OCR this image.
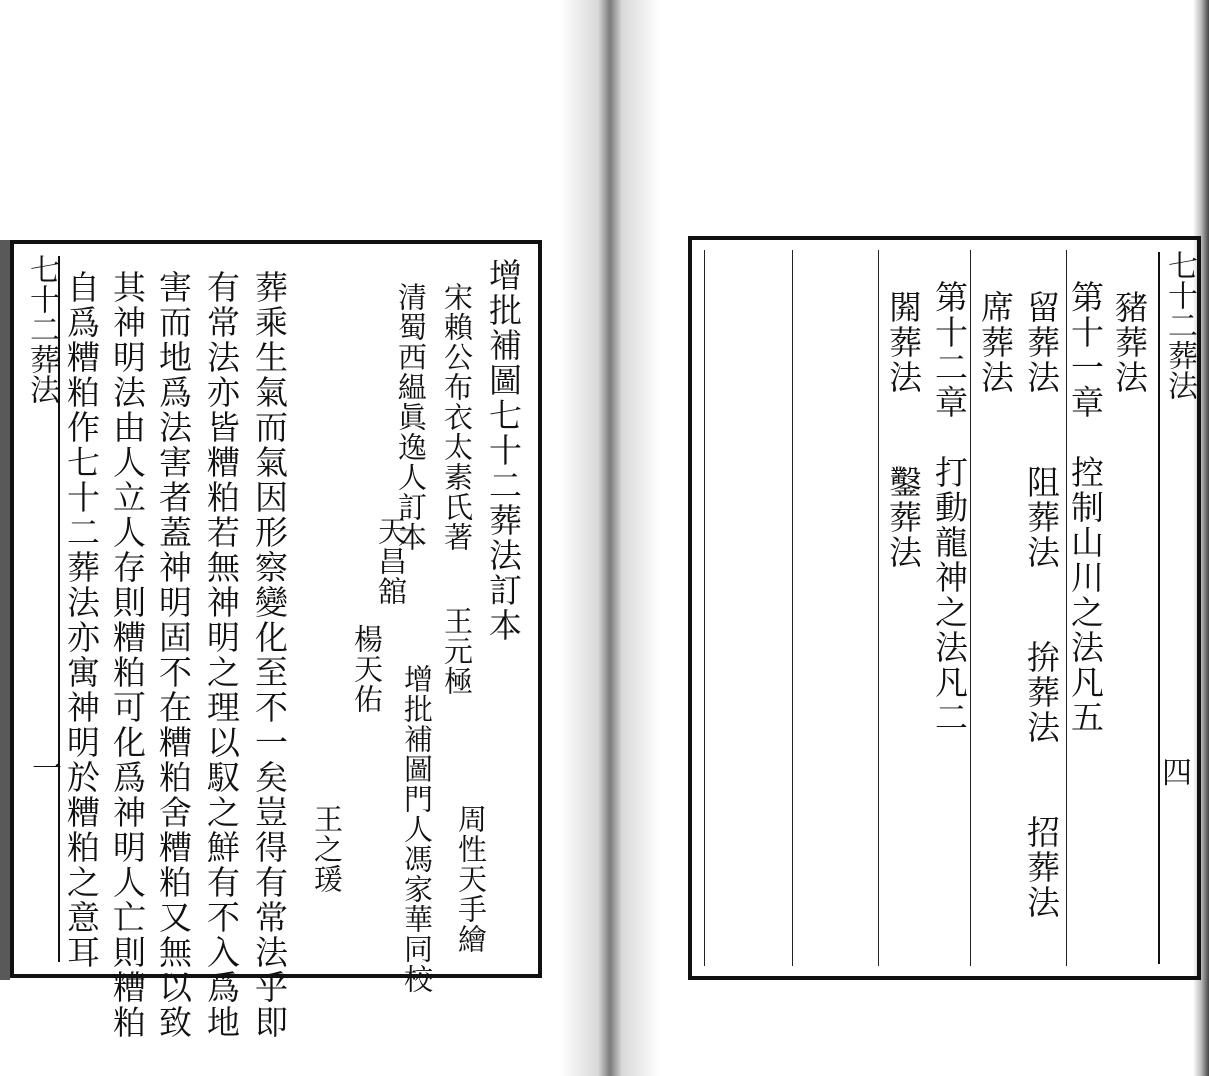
七十二葬法
一
增批補圖七十二葬法訂本
宋賴公布衣太素氏著
王元極
周性天手繪
清蜀西緼眞逸人訂本
天昌舘
楊天佑 增批補圖門人馮家華同校
王之瑗
葬乘生氣而氣因形察變化至不一矣豈得有常法乎即
有常法亦皆糟粕若無神明之理以馭之鮮有不入爲地
害而地爲法害者蓋神明固不在糟粕舍糟粕又無以致
其神明法由人立人存則糟粕可化爲神明人亡則糟粕
自爲糟粕作七十二葬法亦寓神明於糟粕之意耳	七十二葬法
四
豬葬法
第十一章　控制山川之法凡五
留葬法　　阻葬法　　拚葬法　　招葬法
席葬法
第十二章　打動龍神之法凡二
閞葬法　　鑿葬法
